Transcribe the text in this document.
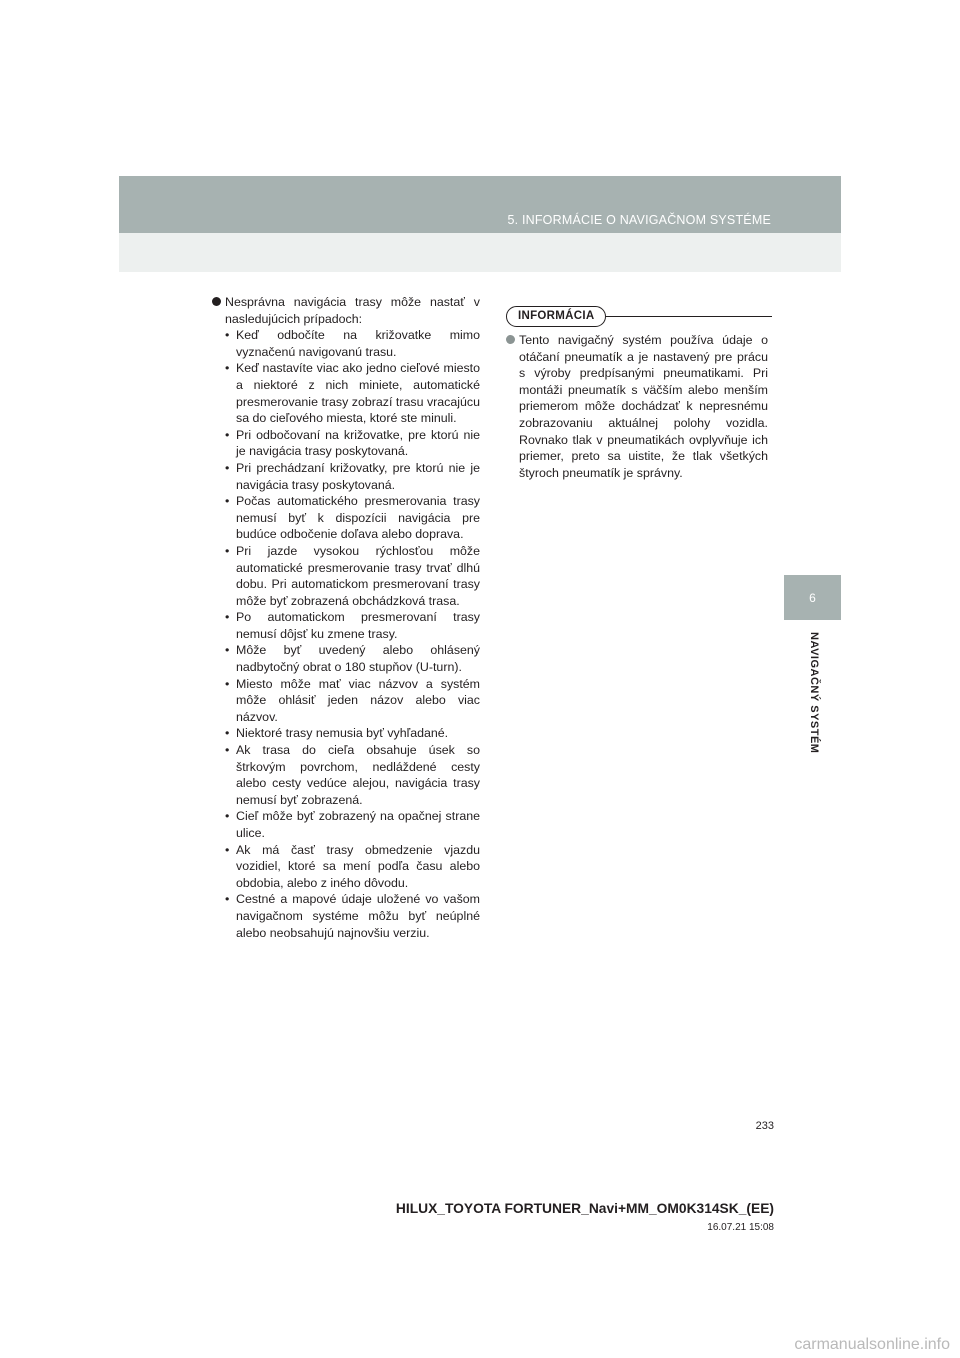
5. INFORMÁCIE O NAVIGAČNOM SYSTÉME
6
NAVIGAČNÝ SYSTÉM
Nesprávna navigácia trasy môže nastať v nasledujúcich prípadoch:
• Keď odbočíte na križovatke mimo vyznačenú navigovanú trasu.
• Keď nastavíte viac ako jedno cieľové miesto a niektoré z nich miniete, automatické presmerovanie trasy zobrazí trasu vracajúcu sa do cieľového miesta, ktoré ste minuli.
• Pri odbočovaní na križovatke, pre ktorú nie je navigácia trasy poskytovaná.
• Pri prechádzaní križovatky, pre ktorú nie je navigácia trasy poskytovaná.
• Počas automatického presmerovania trasy nemusí byť k dispozícii navigácia pre budúce odbočenie doľava alebo doprava.
• Pri jazde vysokou rýchlosťou môže automatické presmerovanie trasy trvať dlhú dobu. Pri automatickom presmerovaní trasy môže byť zobrazená obchádzková trasa.
• Po automatickom presmerovaní trasy nemusí dôjsť ku zmene trasy.
• Môže byť uvedený alebo ohlásený nadbytočný obrat o 180 stupňov (U-turn).
• Miesto môže mať viac názvov a systém môže ohlásiť jeden názov alebo viac názvov.
• Niektoré trasy nemusia byť vyhľadané.
• Ak trasa do cieľa obsahuje úsek so štrkovým povrchom, nedláždené cesty alebo cesty vedúce alejou, navigácia trasy nemusí byť zobrazená.
• Cieľ môže byť zobrazený na opačnej strane ulice.
• Ak má časť trasy obmedzenie vjazdu vozidiel, ktoré sa mení podľa času alebo obdobia, alebo z iného dôvodu.
• Cestné a mapové údaje uložené vo vašom navigačnom systéme môžu byť neúplné alebo neobsahujú najnovšiu verziu.
INFORMÁCIA
Tento navigačný systém používa údaje o otáčaní pneumatík a je nastavený pre prácu s výroby predpísanými pneumatikami. Pri montáži pneumatík s väčším alebo menším priemerom môže dochádzať k nepresnému zobrazovaniu aktuálnej polohy vozidla. Rovnako tlak v pneumatikách ovplyvňuje ich priemer, preto sa uistite, že tlak všetkých štyroch pneumatík je správny.
233
HILUX_TOYOTA FORTUNER_Navi+MM_OM0K314SK_(EE)
16.07.21 15:08
carmanualsonline.info
